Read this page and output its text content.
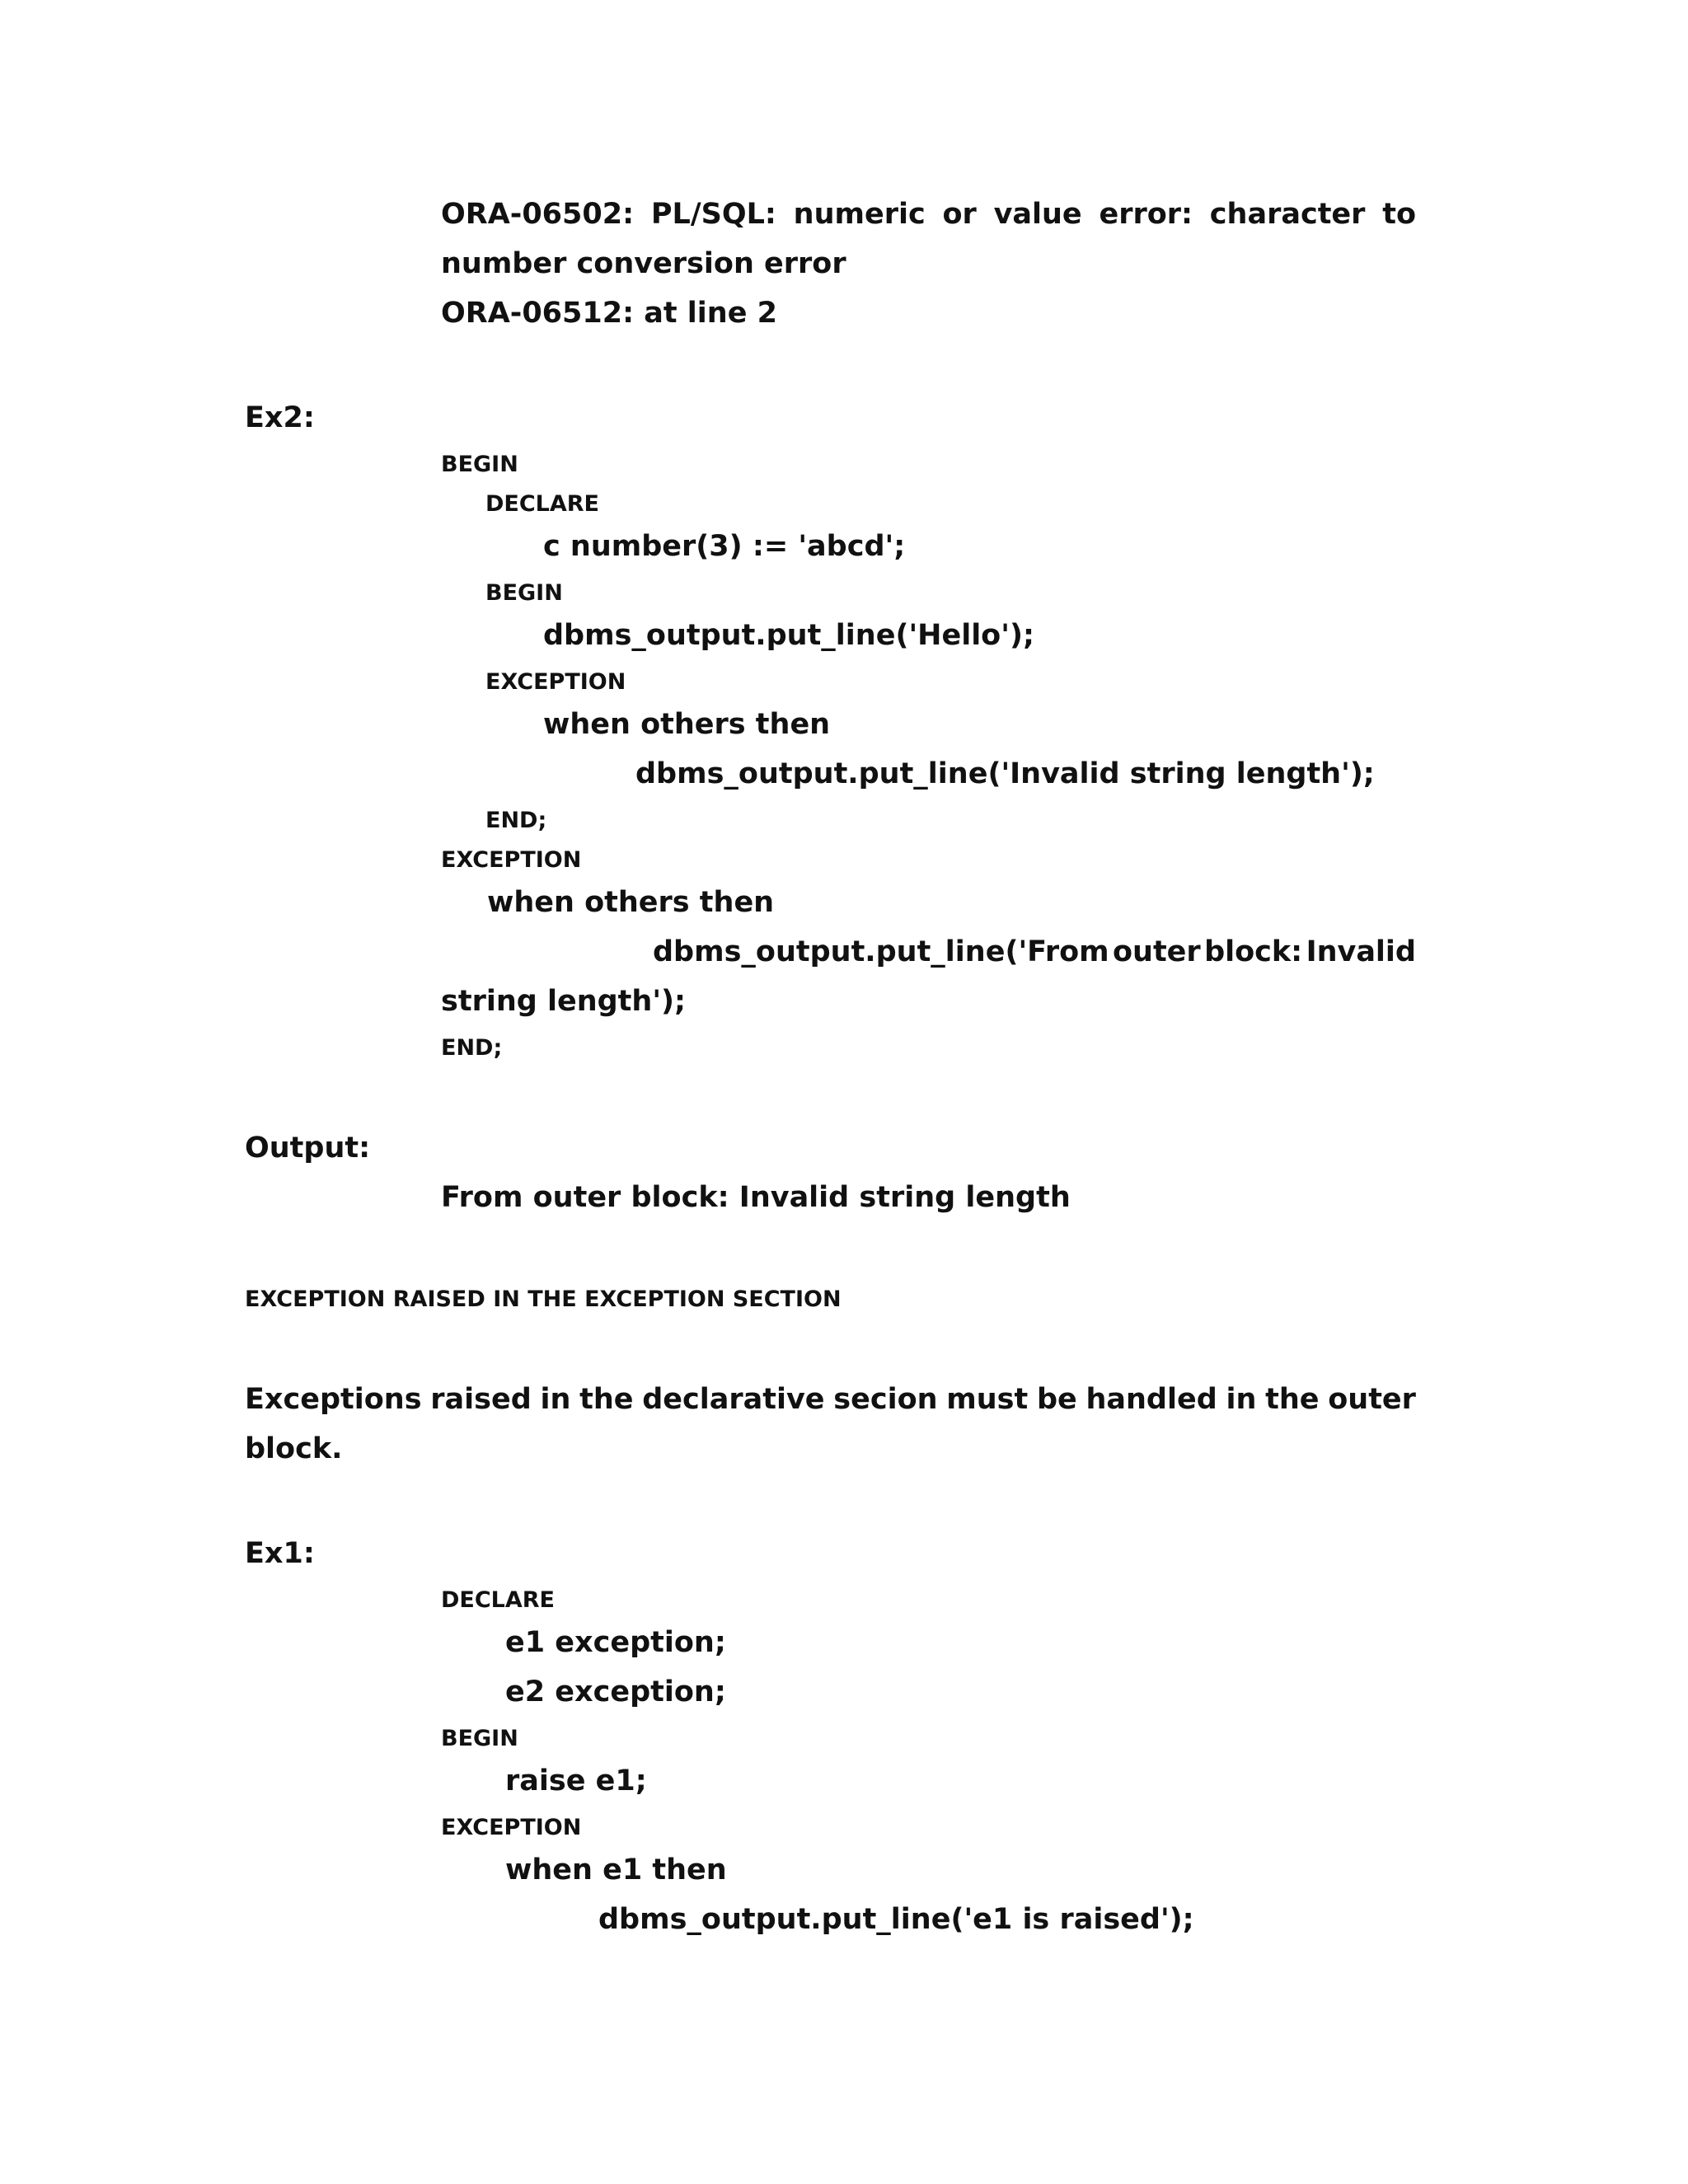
ORA-06502: PL/SQL: numeric or value error: character to
number conversion error
ORA-06512: at line 2
Ex2:
BEGIN
DECLARE
c number(3) := 'abcd';
BEGIN
dbms_output.put_line('Hello');
EXCEPTION
when others then
dbms_output.put_line('Invalid string length');
END;
EXCEPTION
when others then
dbms_output.put_line('From outer block: Invalid
string length');
END;
Output:
From outer block: Invalid string length
EXCEPTION RAISED IN THE EXCEPTION SECTION
Exceptions raised in the declarative secion must be handled in the outer
block.
Ex1:
DECLARE
e1 exception;
e2 exception;
BEGIN
raise e1;
EXCEPTION
when e1 then
dbms_output.put_line('e1 is raised');
